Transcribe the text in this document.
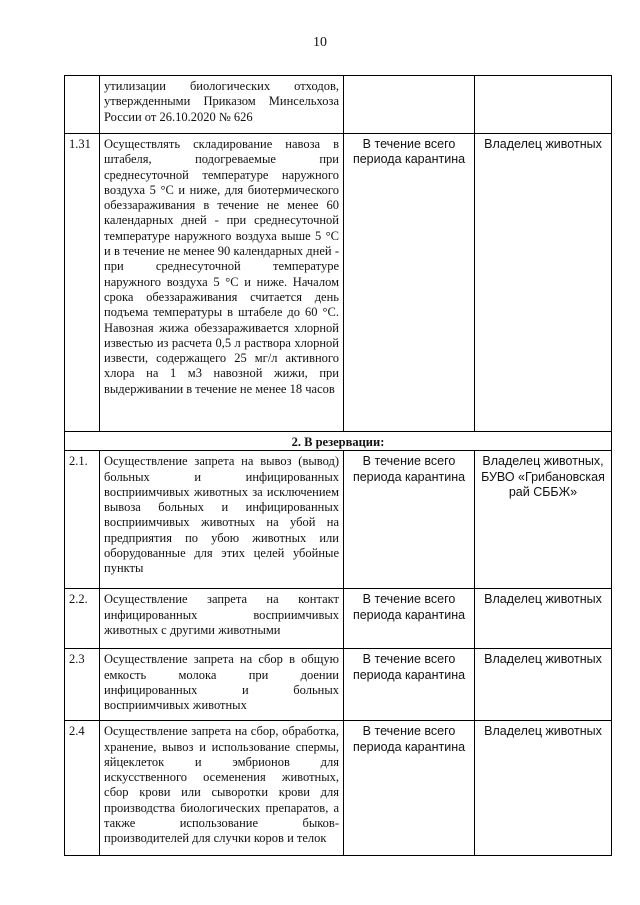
10
	утилизации биологических отходов, утвержденными Приказом Минсельхоза России от 26.10.2020 № 626		
1.31	Осуществлять складирование навоза в штабеля, подогреваемые при среднесуточной температуре наружного воздуха 5 °С и ниже, для биотермического обеззараживания в течение не менее 60 календарных дней - при среднесуточной температуре наружного воздуха выше 5 °С и в течение не менее 90 календарных дней - при среднесуточной температуре наружного воздуха 5 °С и ниже. Началом срока обеззараживания считается день подъема температуры в штабеле до 60 °С. Навозная жижа обеззараживается хлорной известью из расчета 0,5 л раствора хлорной извести, содержащего 25 мг/л активного хлора на 1 м3 навозной жижи, при выдерживании в течение не менее 18 часов	В течение всего периода карантина	Владелец животных
2. В резервации:			
2.1.	Осуществление запрета на вывоз (вывод) больных и инфицированных восприимчивых животных за исключением вывоза больных и инфицированных восприимчивых животных на убой на предприятия по убою животных или оборудованные для этих целей убойные пункты	В течение всего периода карантина	Владелец животных, БУВО «Грибановская рай СББЖ»
2.2.	Осуществление запрета на контакт инфицированных восприимчивых животных с другими животными	В течение всего периода карантина	Владелец животных
2.3	Осуществление запрета на сбор в общую емкость молока при доении инфицированных и больных восприимчивых животных	В течение всего периода карантина	Владелец животных
2.4	Осуществление запрета на сбор, обработка, хранение, вывоз и использование спермы, яйцеклеток и эмбрионов для искусственного осеменения животных, сбор крови или сыворотки крови для производства биологических препаратов, а также использование быков-производителей для случки коров и телок	В течение всего периода карантина	Владелец животных
